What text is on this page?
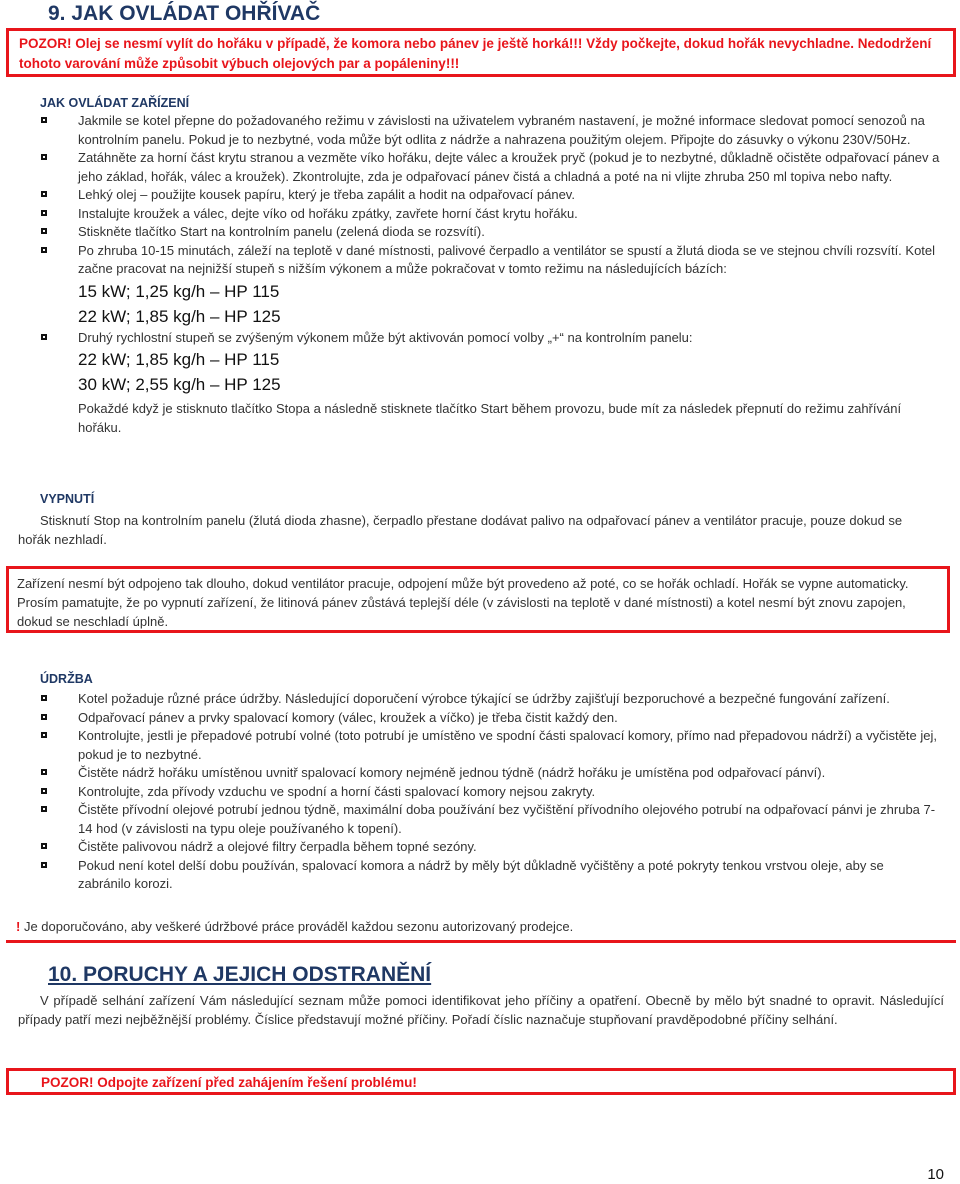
9. JAK OVLÁDAT OHŘÍVAČ
POZOR! Olej se nesmí vylít do hořáku v případě, že komora nebo pánev je ještě horká!!! Vždy počkejte, dokud hořák nevychladne. Nedodržení tohoto varování může způsobit výbuch olejových par a popáleniny!!!
JAK OVLÁDAT ZAŘÍZENÍ
Jakmile se kotel přepne do požadovaného režimu v závislosti na uživatelem vybraném nastavení, je možné informace sledovat pomocí senozoů na kontrolním panelu. Pokud je to nezbytné, voda může být odlita z nádrže a nahrazena použitým olejem. Připojte do zásuvky o výkonu 230V/50Hz.
Zatáhněte za horní část krytu stranou a vezměte víko hořáku, dejte válec a kroužek pryč (pokud je to nezbytné, důkladně očistěte odpařovací pánev a jeho základ, hořák, válec a kroužek). Zkontrolujte, zda je odpařovací pánev čistá a chladná a poté na ni vlijte zhruba 250 ml topiva nebo nafty.
Lehký olej – použijte kousek papíru, který je třeba zapálit a hodit na odpařovací pánev.
Instalujte kroužek a válec, dejte víko od hořáku zpátky, zavřete horní část krytu hořáku.
Stiskněte tlačítko Start na kontrolním panelu (zelená dioda se rozsvítí).
Po zhruba 10-15 minutách, záleží na teplotě v dané místnosti, palivové čerpadlo a ventilátor se spustí a žlutá dioda se ve stejnou chvíli rozsvítí. Kotel začne pracovat na nejnižší stupeň s nižším výkonem a může pokračovat v tomto režimu na následujících bázích:
15 kW; 1,25 kg/h – HP 115
22 kW; 1,85 kg/h – HP 125
Druhý rychlostní stupeň se zvýšeným výkonem může být aktivován pomocí volby „+“ na kontrolním panelu:
22 kW; 1,85 kg/h – HP 115
30 kW; 2,55 kg/h – HP 125
Pokaždé když je stisknuto tlačítko Stopa a následně stisknete tlačítko Start během provozu, bude mít za následek přepnutí do režimu zahřívání hořáku.
VYPNUTÍ
Stisknutí Stop na kontrolním panelu (žlutá dioda zhasne), čerpadlo přestane dodávat palivo na odpařovací pánev a ventilátor pracuje, pouze dokud se hořák nezhladí.

Zařízení nesmí být odpojeno tak dlouho, dokud ventilátor pracuje, odpojení může být provedeno až poté, co se hořák ochladí. Hořák se vypne automaticky. Prosím pamatujte, že po vypnutí zařízení, že litinová pánev zůstává teplejší déle (v závislosti na teplotě v dané místnosti) a kotel nesmí být znovu zapojen, dokud se neschladí úplně.

ÚDRŽBA
Kotel požaduje různé práce údržby. Následující doporučení výrobce týkající se údržby zajišťují bezporuchové a bezpečné fungování zařízení.
Odpařovací pánev a prvky spalovací komory (válec, kroužek a víčko) je třeba čistit každý den.
Kontrolujte, jestli je přepadové potrubí volné (toto potrubí je umístěno ve spodní části spalovací komory, přímo nad přepadovou nádrží) a vyčistěte jej, pokud je to nezbytné.
Čistěte nádrž hořáku umístěnou uvnitř spalovací komory nejméně jednou týdně (nádrž hořáku je umístěna pod odpařovací pánví).
Kontrolujte, zda přívody vzduchu ve spodní a horní části spalovací komory nejsou zakryty.
Čistěte přívodní olejové potrubí jednou týdně, maximální doba používání bez vyčištění přívodního olejového potrubí na odpařovací pánvi je zhruba 7-14 hod (v závislosti na typu oleje používaného k topení).
Čistěte palivovou nádrž a olejové filtry čerpadla během topné sezóny.
Pokud není kotel delší dobu používán, spalovací komora a nádrž by měly být důkladně vyčištěny a poté pokryty tenkou vrstvou oleje, aby se zabránilo korozi.
! Je doporučováno, aby veškeré údržbové práce prováděl každou sezonu autorizovaný prodejce.
10. PORUCHY A JEJICH ODSTRANĚNÍ

V případě selhání zařízení Vám následující seznam může pomoci identifikovat jeho příčiny a opatření. Obecně by mělo být snadné to opravit. Následující případy patří mezi nejběžnější problémy. Číslice představují možné příčiny. Pořadí číslic naznačuje stupňovaní pravděpodobné příčiny selhání.

POZOR! Odpojte zařízení před zahájením řešení problému!
10
